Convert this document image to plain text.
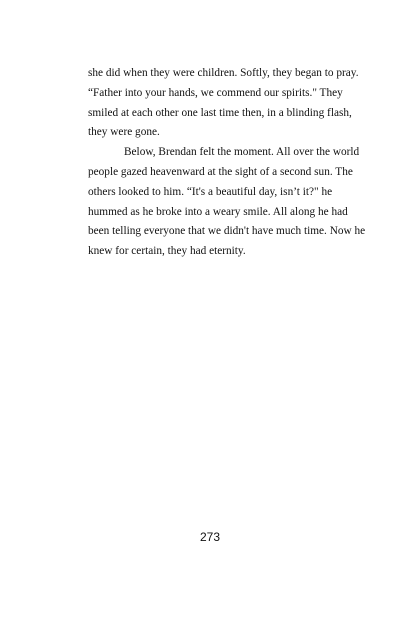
she did when they were children. Softly, they began to pray.
“Father into your hands, we commend our spirits." They
smiled at each other one last time then, in a blinding flash,
they were gone.
Below, Brendan felt the moment. All over the world
people gazed heavenward at the sight of a second sun. The
others looked to him. “It's a beautiful day, isn’t it?" he
hummed as he broke into a weary smile. All along he had
been telling everyone that we didn't have much time. Now he
knew for certain, they had eternity.
273
